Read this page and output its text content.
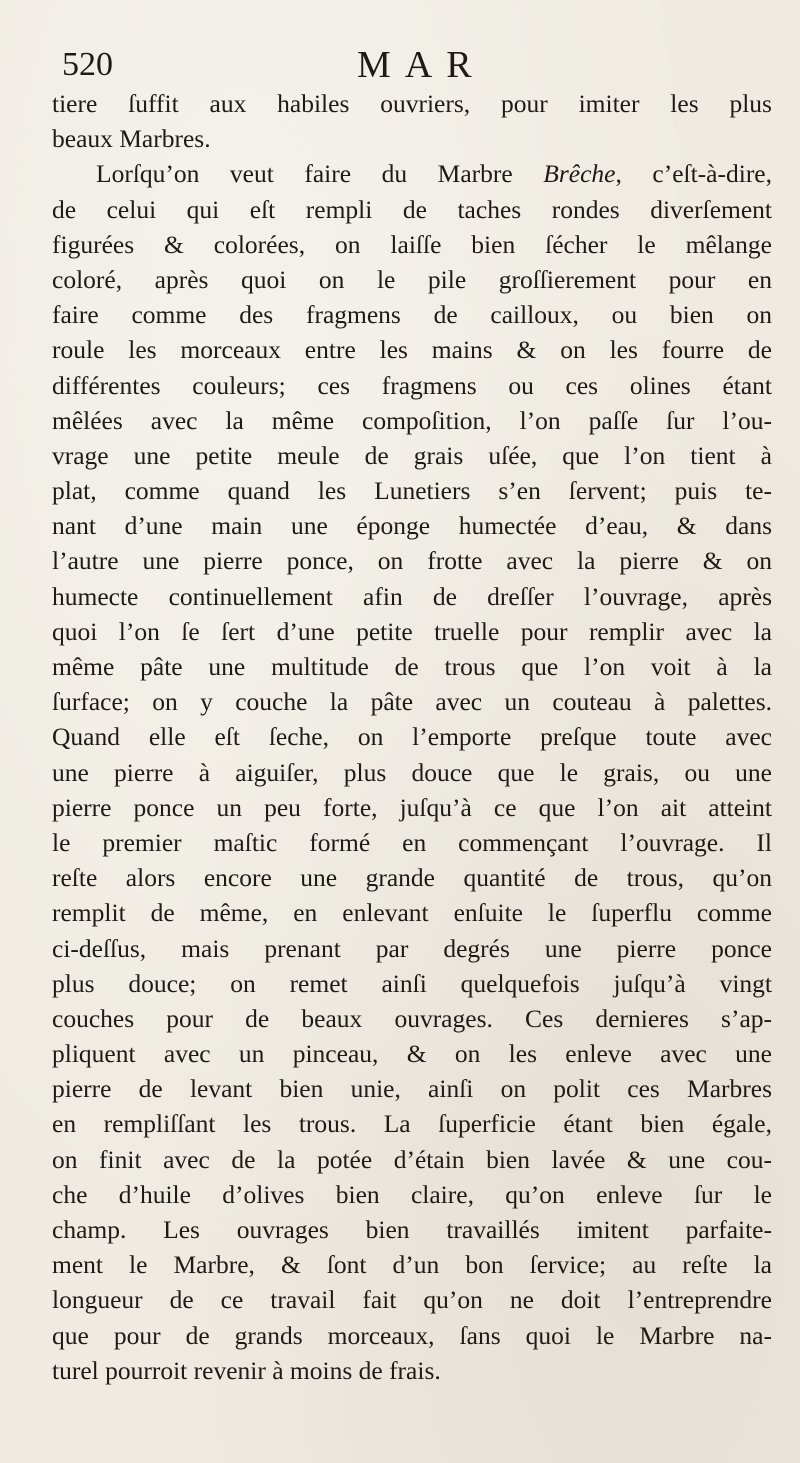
520	MAR
tiere ſuffit aux habiles ouvriers, pour imiter les plus
beaux Marbres.
Lorſqu’on veut faire du Marbre Brêche, c’eſt-à-dire,
de celui qui eſt rempli de taches rondes diverſement
figurées & colorées, on laiſſe bien ſécher le mêlange
coloré, après quoi on le pile groſſierement pour en
faire comme des fragmens de cailloux, ou bien on
roule les morceaux entre les mains & on les fourre de
différentes couleurs; ces fragmens ou ces olines étant
mêlées avec la même compoſition, l’on paſſe ſur l’ou-
vrage une petite meule de grais uſée, que l’on tient à
plat, comme quand les Lunetiers s’en ſervent; puis te-
nant d’une main une éponge humectée d’eau, & dans
l’autre une pierre ponce, on frotte avec la pierre & on
humecte continuellement afin de dreſſer l’ouvrage, après
quoi l’on ſe ſert d’une petite truelle pour remplir avec la
même pâte une multitude de trous que l’on voit à la
ſurface; on y couche la pâte avec un couteau à palettes.
Quand elle eſt ſeche, on l’emporte preſque toute avec
une pierre à aiguiſer, plus douce que le grais, ou une
pierre ponce un peu forte, juſqu’à ce que l’on ait atteint
le premier maſtic formé en commençant l’ouvrage. Il
reſte alors encore une grande quantité de trous, qu’on
remplit de même, en enlevant enſuite le ſuperflu comme
ci-deſſus, mais prenant par degrés une pierre ponce
plus douce; on remet ainſi quelquefois juſqu’à vingt
couches pour de beaux ouvrages. Ces dernieres s’ap-
pliquent avec un pinceau, & on les enleve avec une
pierre de levant bien unie, ainſi on polit ces Marbres
en rempliſſant les trous. La ſuperficie étant bien égale,
on finit avec de la potée d’étain bien lavée & une cou-
che d’huile d’olives bien claire, qu’on enleve ſur le
champ. Les ouvrages bien travaillés imitent parfaite-
ment le Marbre, & ſont d’un bon ſervice; au reſte la
longueur de ce travail fait qu’on ne doit l’entreprendre
que pour de grands morceaux, ſans quoi le Marbre na-
turel pourroit revenir à moins de frais.
